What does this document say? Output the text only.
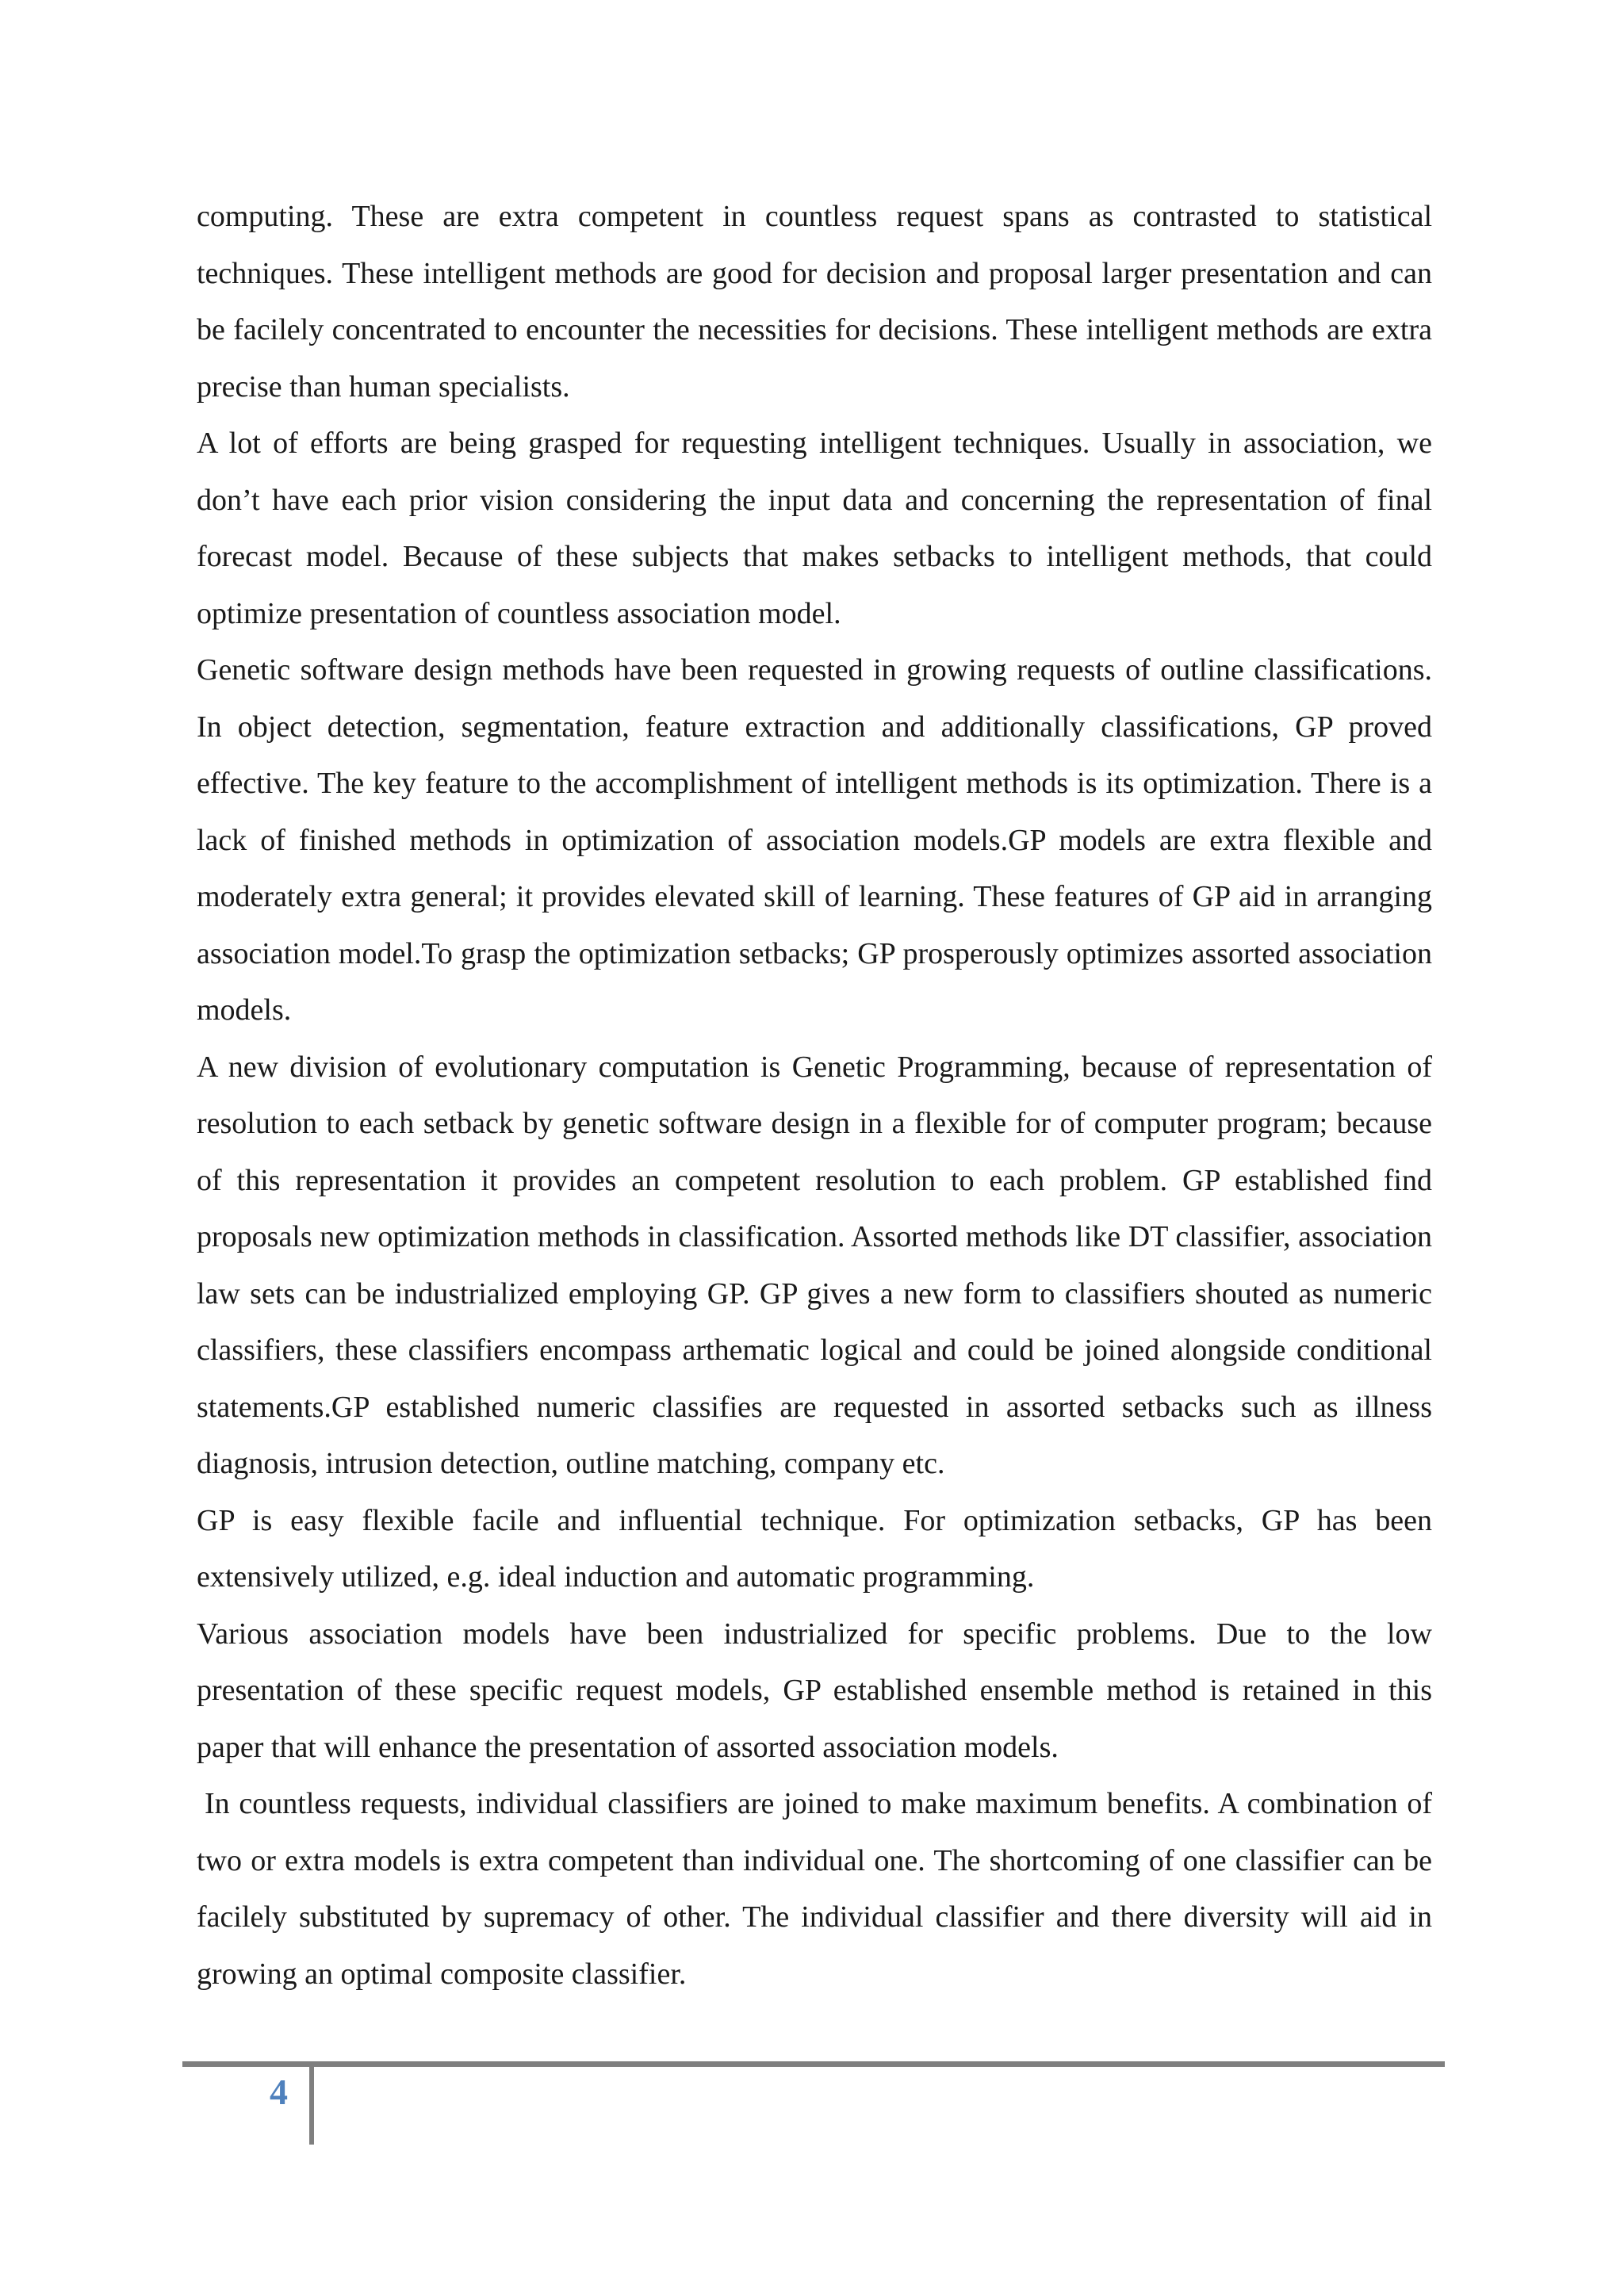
computing. These are extra competent in countless request spans as contrasted to statistical techniques. These intelligent methods are good for decision and proposal larger presentation and can be facilely concentrated to encounter the necessities for decisions. These intelligent methods are extra precise than human specialists.

A lot of efforts are being grasped for requesting intelligent techniques. Usually in association, we don’t have each prior vision considering the input data and concerning the representation of final forecast model. Because of these subjects that makes setbacks to intelligent methods, that could optimize presentation of countless association model.

Genetic software design methods have been requested in growing requests of outline classifications. In object detection, segmentation, feature extraction and additionally classifications, GP proved effective. The key feature to the accomplishment of intelligent methods is its optimization. There is a lack of finished methods in optimization of association models.GP models are extra flexible and moderately extra general; it provides elevated skill of learning. These features of GP aid in arranging association model.To grasp the optimization setbacks; GP prosperously optimizes assorted association models.

A new division of evolutionary computation is Genetic Programming, because of representation of resolution to each setback by genetic software design in a flexible for of computer program; because of this representation it provides an competent resolution to each problem. GP established find proposals new optimization methods in classification. Assorted methods like DT classifier, association law sets can be industrialized employing GP. GP gives a new form to classifiers shouted as numeric classifiers, these classifiers encompass arthematic logical and could be joined alongside conditional statements.GP established numeric classifies are requested in assorted setbacks such as illness diagnosis, intrusion detection, outline matching, company etc.

GP is easy flexible facile and influential technique. For optimization setbacks, GP has been extensively utilized, e.g. ideal induction and automatic programming.

Various association models have been industrialized for specific problems. Due to the low presentation of these specific request models, GP established ensemble method is retained in this paper that will enhance the presentation of assorted association models.

In countless requests, individual classifiers are joined to make maximum benefits. A combination of two or extra models is extra competent than individual one. The shortcoming of one classifier can be facilely substituted by supremacy of other. The individual classifier and there diversity will aid in growing an optimal composite classifier.

4
